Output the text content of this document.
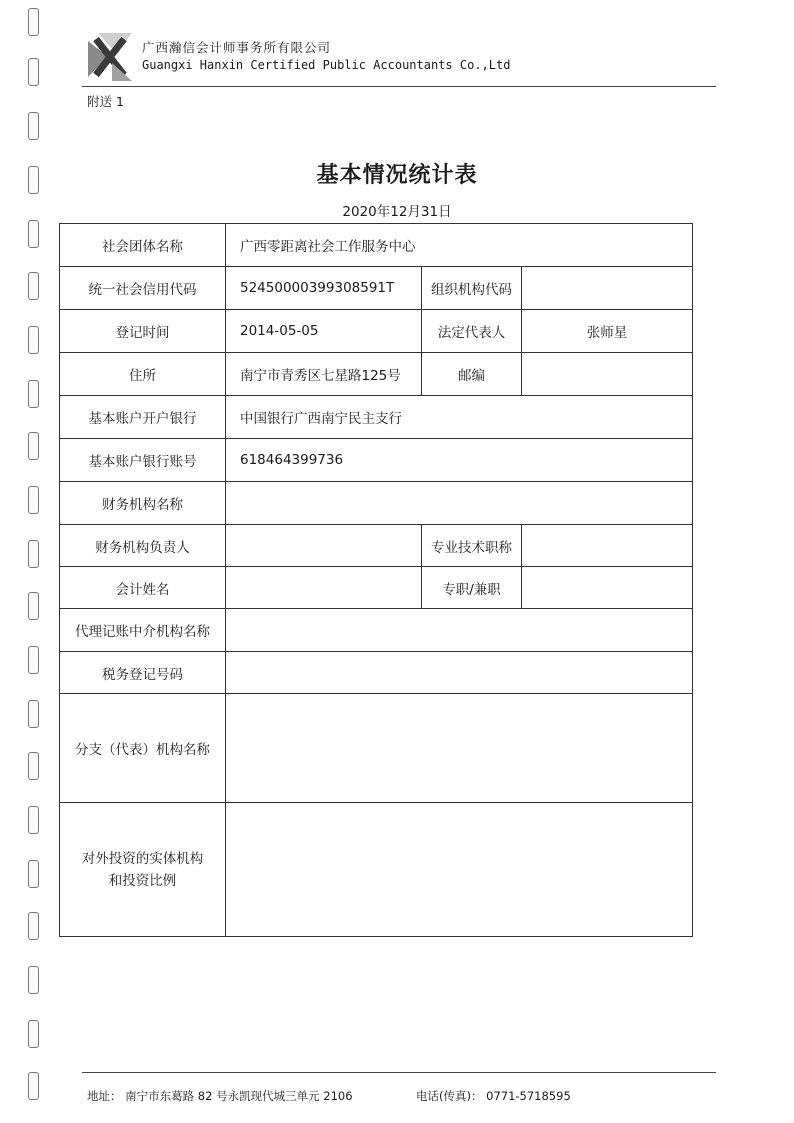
广西瀚信会计师事务所有限公司
Guangxi Hanxin Certified Public Accountants Co.,Ltd
附送 1
基本情况统计表
2020年12月31日
社会团体名称	广西零距离社会工作服务中心		
统一社会信用代码	52450000399308591T	组织机构代码	
登记时间	2014-05-05	法定代表人	张师星
住所	南宁市青秀区七星路125号	邮编	
基本账户开户银行	中国银行广西南宁民主支行		
基本账户银行账号	618464399736		
财务机构名称			
财务机构负责人		专业技术职称	
会计姓名		专职/兼职	
代理记账中介机构名称			
税务登记号码			
分支（代表）机构名称			

对外投资的实体机构
和投资比例			

地址： 南宁市东葛路 82 号永凯现代城三单元 2106	电话(传真)： 0771-5718595
